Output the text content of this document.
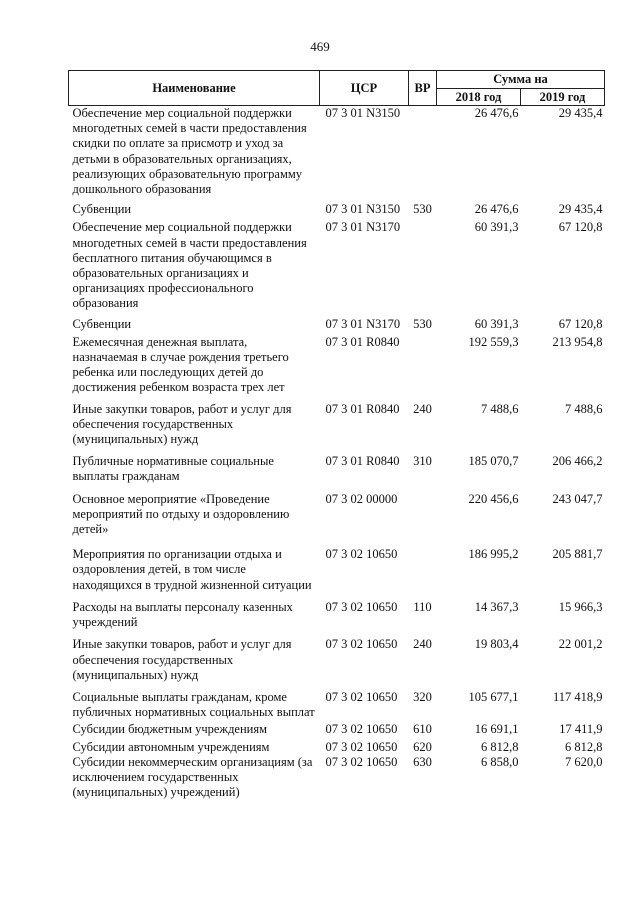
469
Наименование	ЦСР	ВР	Сумма на	
			2018 год	2019 год
Обеспечение мер социальной поддержки многодетных семей в части предоставления скидки по оплате за присмотр и уход за детьми в образовательных организациях, реализующих образовательную программу дошкольного образования	07 3 01 N3150		26 476,6	29 435,4

Субвенции	07 3 01 N3150	530	26 476,6	29 435,4

Обеспечение мер социальной поддержки многодетных семей в части предоставления бесплатного питания обучающимся в образовательных организациях и организациях профессионального образования	07 3 01 N3170		60 391,3	67 120,8

Субвенции	07 3 01 N3170	530	60 391,3	67 120,8

Ежемесячная денежная выплата, назначаемая в случае рождения третьего ребенка или последующих детей до достижения ребенком возраста трех лет	07 3 01 R0840		192 559,3	213 954,8

Иные закупки товаров, работ и услуг для обеспечения государственных (муниципальных) нужд	07 3 01 R0840	240	7 488,6	7 488,6

Публичные нормативные социальные выплаты гражданам	07 3 01 R0840	310	185 070,7	206 466,2

Основное мероприятие «Проведение мероприятий по отдыху и оздоровлению детей»	07 3 02 00000		220 456,6	243 047,7

Мероприятия по организации отдыха и оздоровления детей, в том числе находящихся в трудной жизненной ситуации	07 3 02 10650		186 995,2	205 881,7

Расходы на выплаты персоналу казенных учреждений	07 3 02 10650	110	14 367,3	15 966,3

Иные закупки товаров, работ и услуг для обеспечения государственных (муниципальных) нужд	07 3 02 10650	240	19 803,4	22 001,2

Социальные выплаты гражданам, кроме публичных нормативных социальных выплат	07 3 02 10650	320	105 677,1	117 418,9

Субсидии бюджетным учреждениям	07 3 02 10650	610	16 691,1	17 411,9

Субсидии автономным учреждениям	07 3 02 10650	620	6 812,8	6 812,8
Субсидии некоммерческим организациям (за исключением государственных (муниципальных) учреждений)	07 3 02 10650	630	6 858,0	7 620,0
